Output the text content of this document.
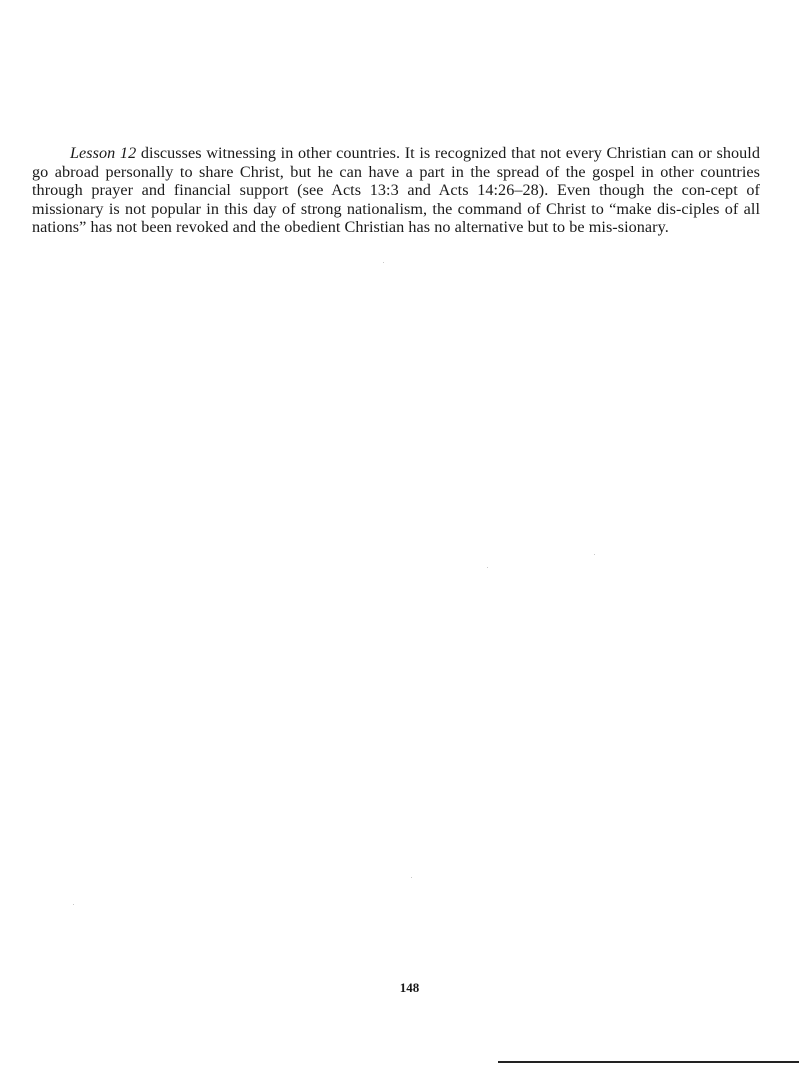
Lesson 12 discusses witnessing in other countries. It is recognized that not every Christian can or should go abroad personally to share Christ, but he can have a part in the spread of the gospel in other countries through prayer and financial support (see Acts 13:3 and Acts 14:26–28). Even though the con-cept of missionary is not popular in this day of strong nationalism, the command of Christ to “make dis-ciples of all nations” has not been revoked and the obedient Christian has no alternative but to be mis-sionary.

148
